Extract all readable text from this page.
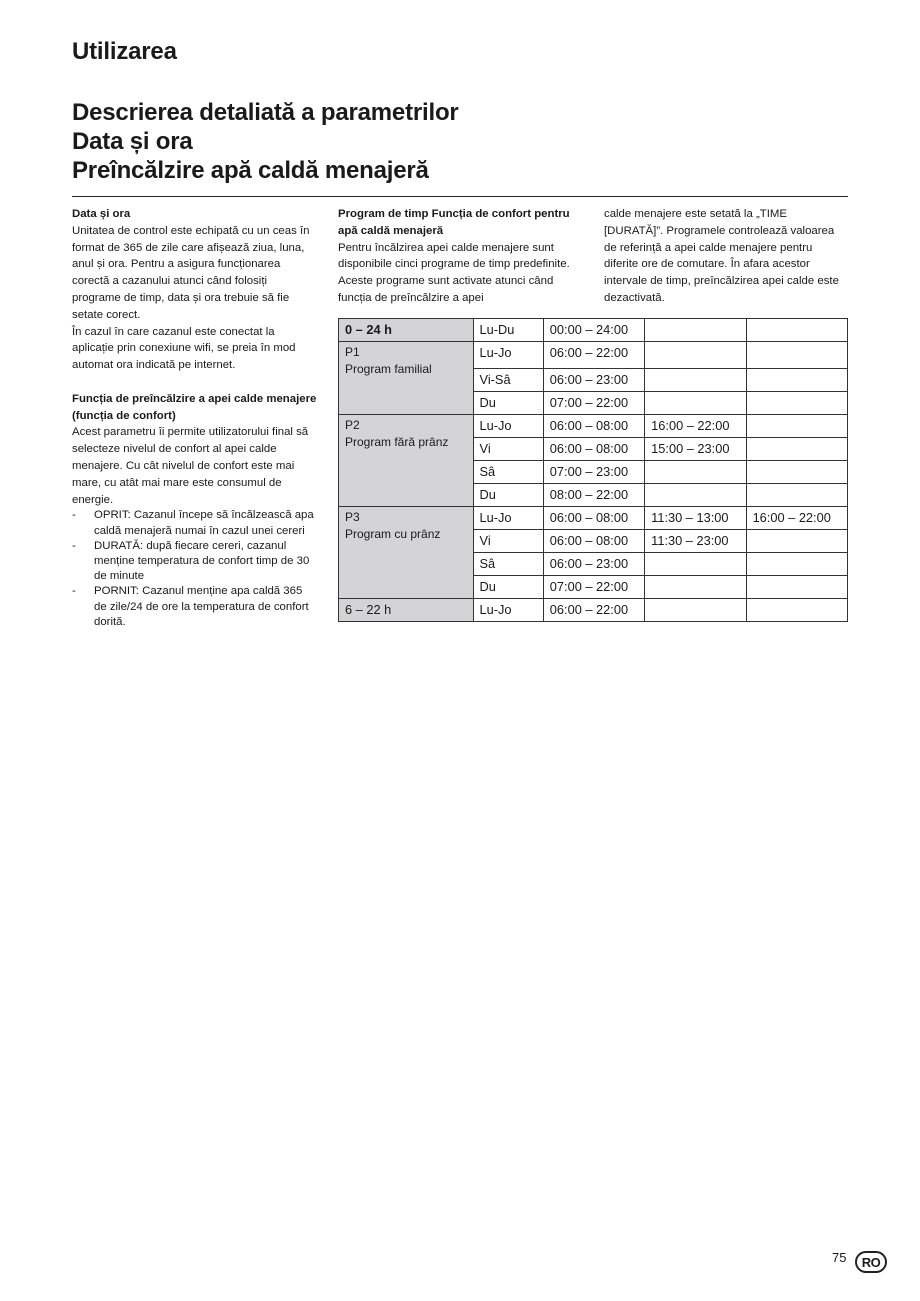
Utilizarea
Descrierea detaliată a parametrilor
Data și ora
Preîncălzire apă caldă menajeră

Data și ora

Unitatea de control este echipată cu un ceas în format de 365 de zile care afișează ziua, luna, anul și ora. Pentru a asigura funcționarea corectă a cazanului atunci când folosiți programe de timp, data și ora trebuie să fie setate corect.

În cazul în care cazanul este conectat la aplicație prin conexiune wifi, se preia în mod automat ora indicată pe internet.

Funcția de preîncălzire a apei calde menajere (funcția de confort)

Acest parametru îi permite utilizatorului final să selecteze nivelul de confort al apei calde menajere. Cu cât nivelul de confort este mai mare, cu atât mai mare este consumul de energie.

- OPRIT: Cazanul începe să încălzească apa caldă menajeră numai în cazul unei cereri
- DURATĂ: după fiecare cereri, cazanul menține temperatura de confort timp de 30 de minute
- PORNIT: Cazanul menține apa caldă 365 de zile/24 de ore la temperatura de confort dorită.

Program de timp Funcția de confort pentru apă caldă menajeră

Pentru încălzirea apei calde menajere sunt disponibile cinci programe de timp predefinite. Aceste programe sunt activate atunci când funcția de preîncălzire a apei

calde menajere este setată la „TIME [DURATĂ]”. Programele controlează valoarea de referință a apei calde menajere pentru diferite ore de comutare. În afara acestor intervale de timp, preîncălzirea apei calde este dezactivată.

0 – 24 h	Lu-Du	00:00 – 24:00		

P1
Program familial	Lu-Jo	06:00 – 22:00		
	Vi-Sâ	06:00 – 23:00		
	Du	07:00 – 22:00		

P2
Program fără prânz	Lu-Jo	06:00 – 08:00	16:00 – 22:00	
	Vi	06:00 – 08:00	15:00 – 23:00	
	Sâ	07:00 – 23:00		
	Du	08:00 – 22:00		

P3
Program cu prânz	Lu-Jo	06:00 – 08:00	11:30 – 13:00	16:00 – 22:00
	Vi	06:00 – 08:00	11:30 – 23:00	
	Sâ	06:00 – 23:00		
	Du	07:00 – 22:00		
6 – 22 h	Lu-Jo	06:00 – 22:00		
75	RO
